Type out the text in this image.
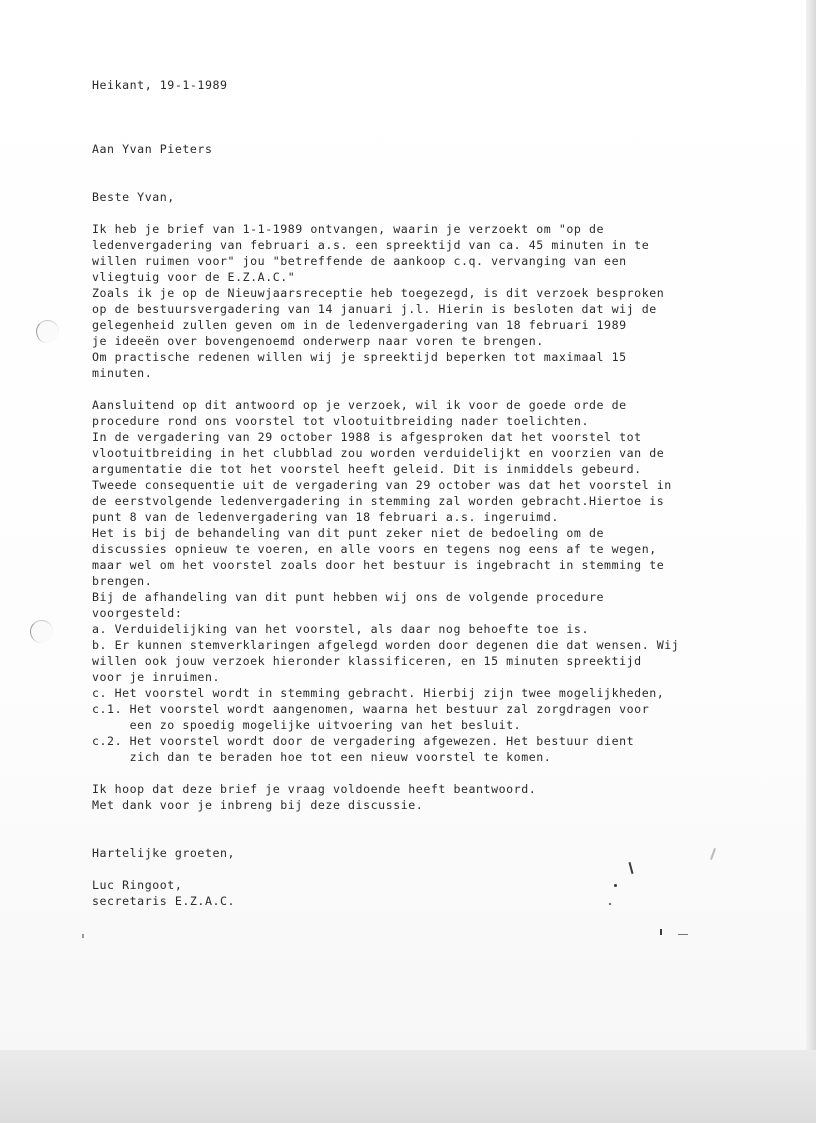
Heikant, 19-1-1989

Aan Yvan Pieters

Beste Yvan,

Ik heb je brief van 1-1-1989 ontvangen, waarin je verzoekt om "op de

ledenvergadering van februari a.s. een spreektijd van ca. 45 minuten in te

willen ruimen voor" jou "betreffende de aankoop c.q. vervanging van een

vliegtuig voor de E.Z.A.C."

Zoals ik je op de Nieuwjaarsreceptie heb toegezegd, is dit verzoek besproken

op de bestuursvergadering van 14 januari j.l. Hierin is besloten dat wij de

gelegenheid zullen geven om in de ledenvergadering van 18 februari 1989

je ideeën over bovengenoemd onderwerp naar voren te brengen.

Om practische redenen willen wij je spreektijd beperken tot maximaal 15

minuten.

Aansluitend op dit antwoord op je verzoek, wil ik voor de goede orde de

procedure rond ons voorstel tot vlootuitbreiding nader toelichten.

In de vergadering van 29 october 1988 is afgesproken dat het voorstel tot

vlootuitbreiding in het clubblad zou worden verduidelijkt en voorzien van de

argumentatie die tot het voorstel heeft geleid. Dit is inmiddels gebeurd.

Tweede consequentie uit de vergadering van 29 october was dat het voorstel in

de eerstvolgende ledenvergadering in stemming zal worden gebracht.Hiertoe is

punt 8 van de ledenvergadering van 18 februari a.s. ingeruimd.

Het is bij de behandeling van dit punt zeker niet de bedoeling om de

discussies opnieuw te voeren, en alle voors en tegens nog eens af te wegen,

maar wel om het voorstel zoals door het bestuur is ingebracht in stemming te

brengen.

Bij de afhandeling van dit punt hebben wij ons de volgende procedure

voorgesteld:

a. Verduidelijking van het voorstel, als daar nog behoefte toe is.

b. Er kunnen stemverklaringen afgelegd worden door degenen die dat wensen. Wij

willen ook jouw verzoek hieronder klassificeren, en 15 minuten spreektijd

voor je inruimen.

c. Het voorstel wordt in stemming gebracht. Hierbij zijn twee mogelijkheden,

c.1. Het voorstel wordt aangenomen, waarna het bestuur zal zorgdragen voor

een zo spoedig mogelijke uitvoering van het besluit.

c.2. Het voorstel wordt door de vergadering afgewezen. Het bestuur dient

zich dan te beraden hoe tot een nieuw voorstel te komen.

Ik hoop dat deze brief je vraag voldoende heeft beantwoord.

Met dank voor je inbreng bij deze discussie.

Hartelijke groeten,

Luc Ringoot,

secretaris E.Z.A.C.
